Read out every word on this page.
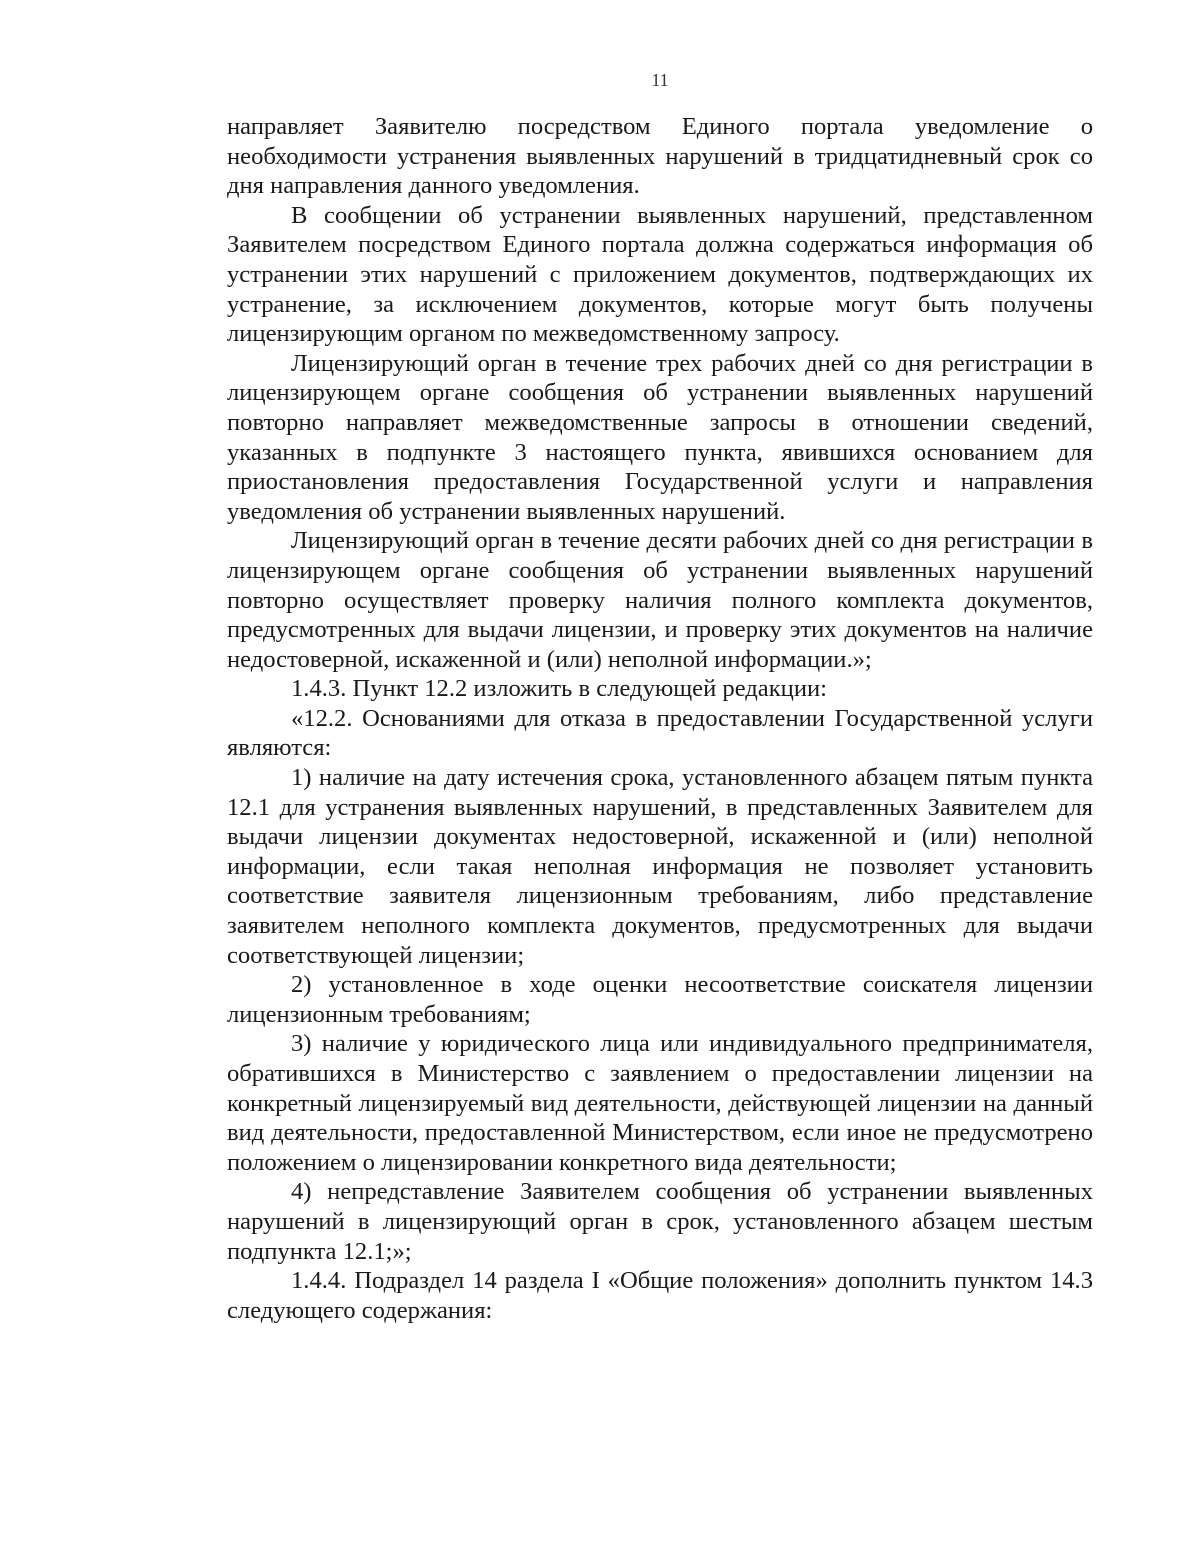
11

направляет Заявителю посредством Единого портала уведомление о необходимости устранения выявленных нарушений в тридцатидневный срок со дня направления данного уведомления.

В сообщении об устранении выявленных нарушений, представленном Заявителем посредством Единого портала должна содержаться информация об устранении этих нарушений с приложением документов, подтверждающих их устранение, за исключением документов, которые могут быть получены лицензирующим органом по межведомственному запросу.

Лицензирующий орган в течение трех рабочих дней со дня регистрации в лицензирующем органе сообщения об устранении выявленных нарушений повторно направляет межведомственные запросы в отношении сведений, указанных в подпункте 3 настоящего пункта, явившихся основанием для приостановления предоставления Государственной услуги и направления уведомления об устранении выявленных нарушений.

Лицензирующий орган в течение десяти рабочих дней со дня регистрации в лицензирующем органе сообщения об устранении выявленных нарушений повторно осуществляет проверку наличия полного комплекта документов, предусмотренных для выдачи лицензии, и проверку этих документов на наличие недостоверной, искаженной и (или) неполной информации.»;

1.4.3. Пункт 12.2 изложить в следующей редакции:

«12.2. Основаниями для отказа в предоставлении Государственной услуги являются:

1) наличие на дату истечения срока, установленного абзацем пятым пункта 12.1 для устранения выявленных нарушений, в представленных Заявителем для выдачи лицензии документах недостоверной, искаженной и (или) неполной информации, если такая неполная информация не позволяет установить соответствие заявителя лицензионным требованиям, либо представление заявителем неполного комплекта документов, предусмотренных для выдачи соответствующей лицензии;

2) установленное в ходе оценки несоответствие соискателя лицензии лицензионным требованиям;

3) наличие у юридического лица или индивидуального предпринимателя, обратившихся в Министерство с заявлением о предоставлении лицензии на конкретный лицензируемый вид деятельности, действующей лицензии на данный вид деятельности, предоставленной Министерством, если иное не предусмотрено положением о лицензировании конкретного вида деятельности;

4) непредставление Заявителем сообщения об устранении выявленных нарушений в лицензирующий орган в срок, установленного абзацем шестым подпункта 12.1;»;

1.4.4. Подраздел 14 раздела I «Общие положения» дополнить пунктом 14.3 следующего содержания:
